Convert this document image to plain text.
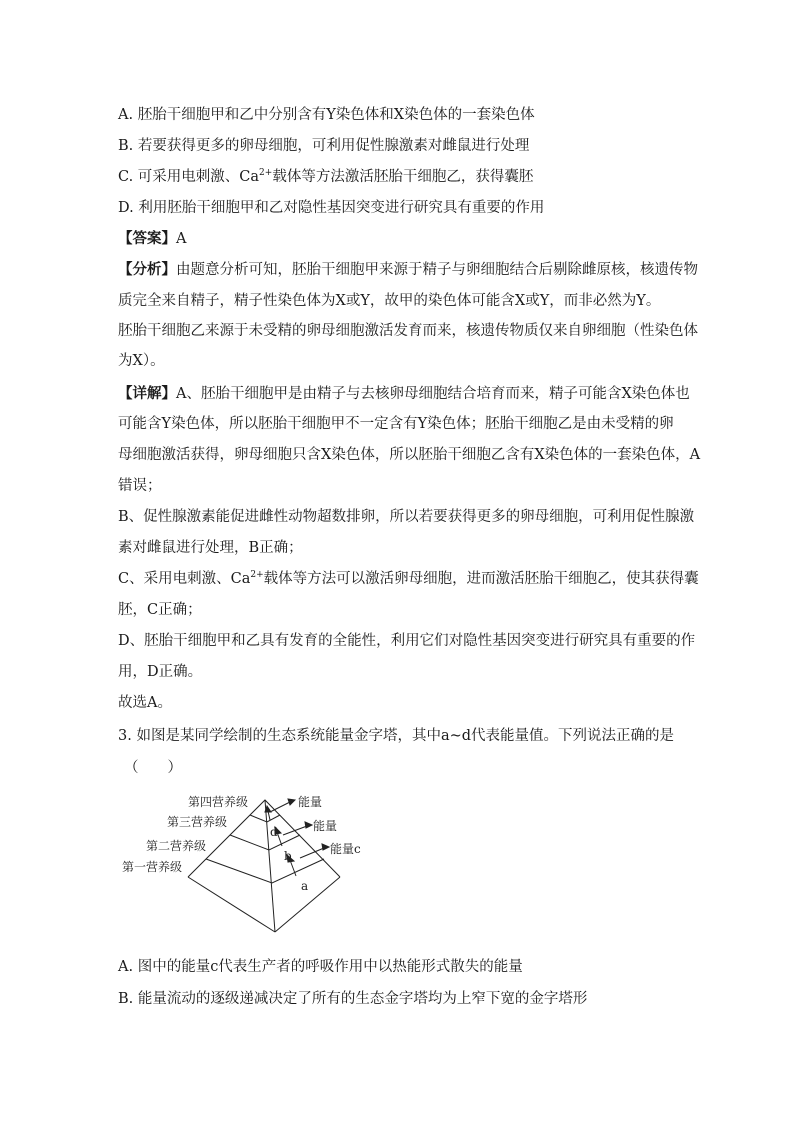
A. 胚胎干细胞甲和乙中分别含有Y染色体和X染色体的一套染色体
B. 若要获得更多的卵母细胞，可利用促性腺激素对雌鼠进行处理
C. 可采用电刺激、$Ca^{2+}$载体等方法激活胚胎干细胞乙，获得囊胚
D. 利用胚胎干细胞甲和乙对隐性基因突变进行研究具有重要的作用
【答案】A
【分析】由题意分析可知，胚胎干细胞甲来源于精子与卵细胞结合后剔除雌原核，核遗传物
质完全来自精子，精子性染色体为X或Y，故甲的染色体可能含X或Y，而非必然为Y。
胚胎干细胞乙来源于未受精的卵母细胞激活发育而来，核遗传物质仅来自卵细胞（性染色体
为X）。
【详解】A、胚胎干细胞甲是由精子与去核卵母细胞结合培育而来，精子可能含X染色体也
可能含Y染色体，所以胚胎干细胞甲不一定含有Y染色体；胚胎干细胞乙是由未受精的卵
母细胞激活获得，卵母细胞只含X染色体，所以胚胎干细胞乙含有X染色体的一套染色体，A
错误；
B、促性腺激素能促进雌性动物超数排卵，所以若要获得更多的卵母细胞，可利用促性腺激
素对雌鼠进行处理，B正确；
C、采用电刺激、$Ca^{2+}$载体等方法可以激活卵母细胞，进而激活胚胎干细胞乙，使其获得囊
胚，C正确；
D、胚胎干细胞甲和乙具有发育的全能性，利用它们对隐性基因突变进行研究具有重要的作
用，D正确。
故选A。
3. 如图是某同学绘制的生态系统能量金字塔，其中a~d代表能量值。下列说法正确的是
（　　）
第四营养级
第三营养级
第二营养级
第一营养级
能量
能量
能量c
d
b
a
A. 图中的能量c代表生产者的呼吸作用中以热能形式散失的能量
B. 能量流动的逐级递减决定了所有的生态金字塔均为上窄下宽的金字塔形
